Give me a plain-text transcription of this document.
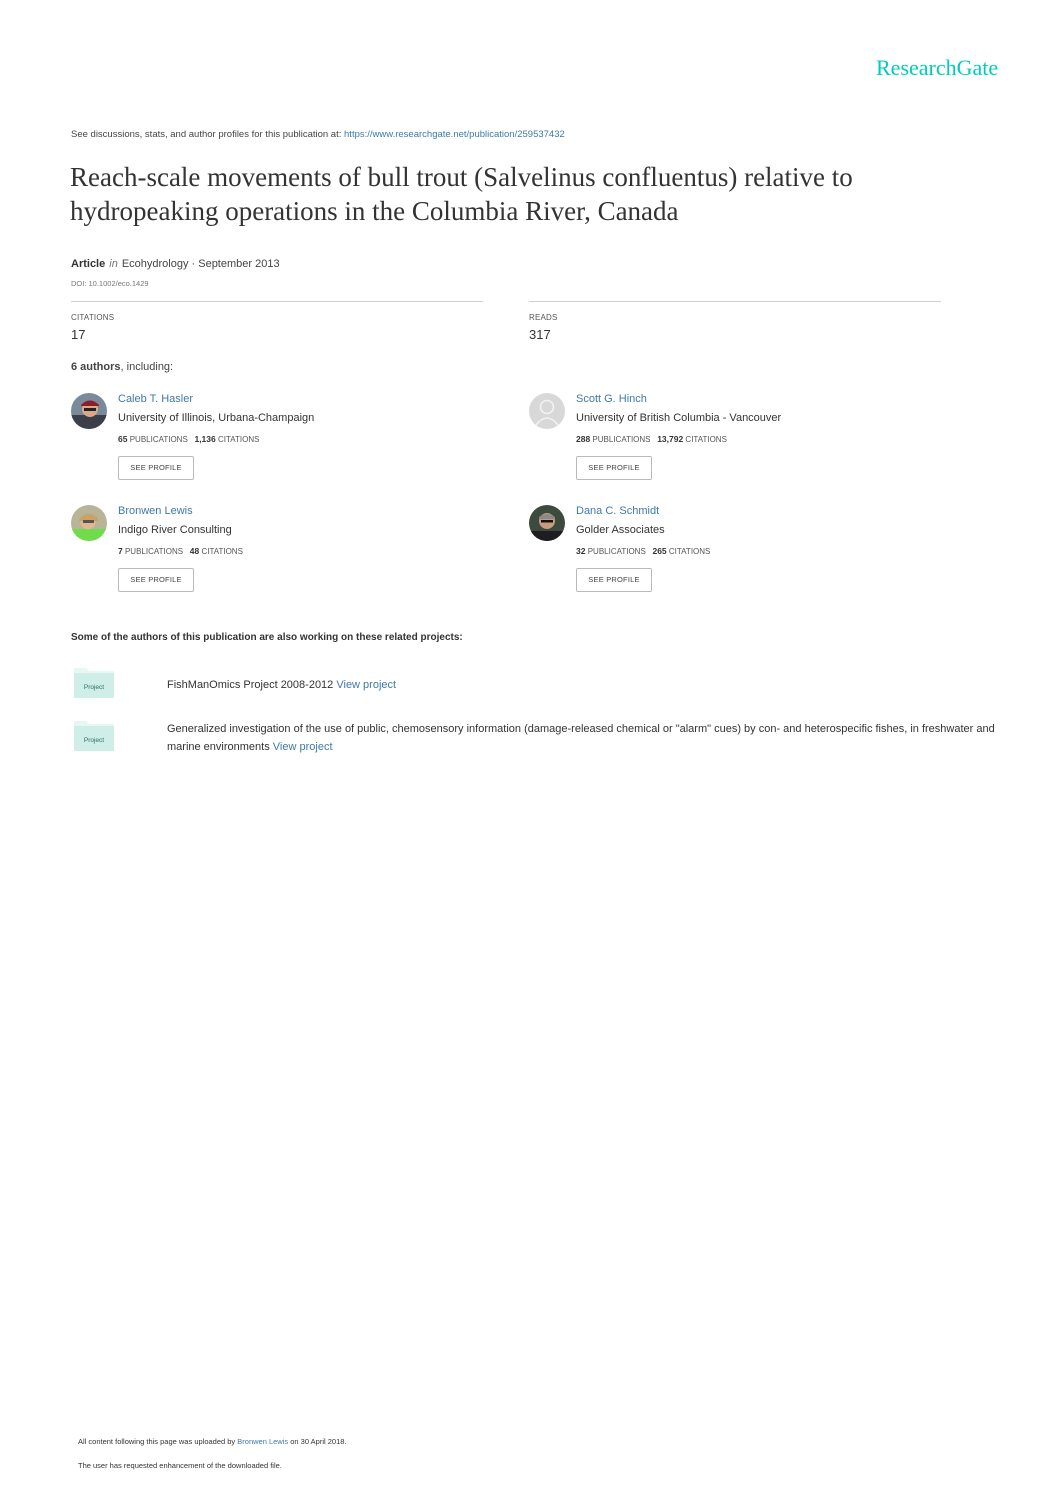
ResearchGate
See discussions, stats, and author profiles for this publication at: https://www.researchgate.net/publication/259537432
Reach-scale movements of bull trout (Salvelinus confluentus) relative to hydropeaking operations in the Columbia River, Canada
Article in Ecohydrology · September 2013
DOI: 10.1002/eco.1429
CITATIONS
17
READS
317
6 authors, including:
Caleb T. Hasler
University of Illinois, Urbana-Champaign
65 PUBLICATIONS 1,136 CITATIONS
SEE PROFILE
Scott G. Hinch
University of British Columbia - Vancouver
288 PUBLICATIONS 13,792 CITATIONS
SEE PROFILE
Bronwen Lewis
Indigo River Consulting
7 PUBLICATIONS 48 CITATIONS
SEE PROFILE
Dana C. Schmidt
Golder Associates
32 PUBLICATIONS 265 CITATIONS
SEE PROFILE
Some of the authors of this publication are also working on these related projects:
Project	FishManOmics Project 2008-2012 View project
Project
Generalized investigation of the use of public, chemosensory information (damage-released chemical or "alarm" cues) by con- and heterospecific fishes, in freshwater and marine environments View project
All content following this page was uploaded by Bronwen Lewis on 30 April 2018.
The user has requested enhancement of the downloaded file.
